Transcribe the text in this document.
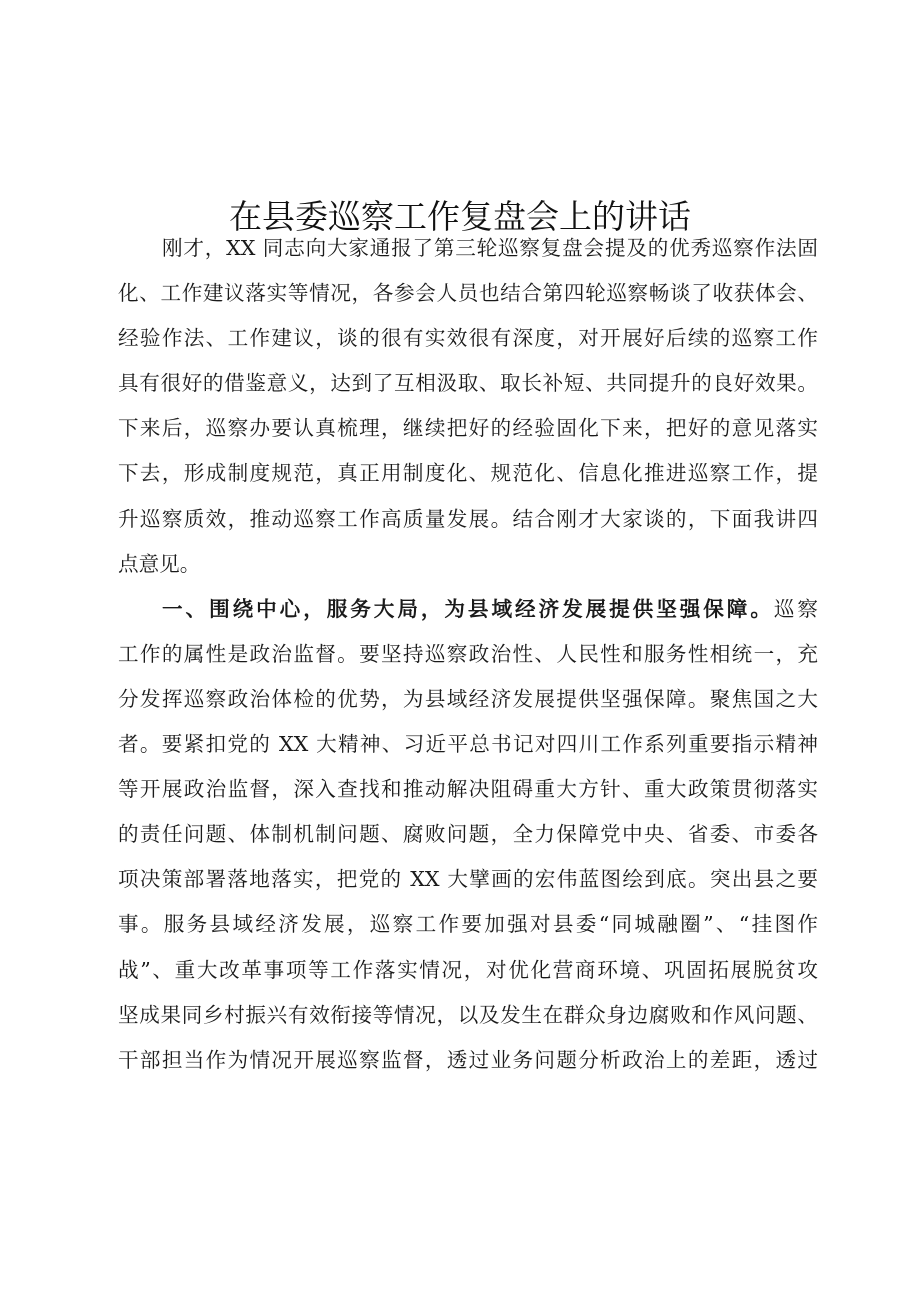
在县委巡察工作复盘会上的讲话
刚才，XX 同志向大家通报了第三轮巡察复盘会提及的优秀巡察作法固
化、工作建议落实等情况，各参会人员也结合第四轮巡察畅谈了收获体会、
经验作法、工作建议，谈的很有实效很有深度，对开展好后续的巡察工作
具有很好的借鉴意义，达到了互相汲取、取长补短、共同提升的良好效果。
下来后，巡察办要认真梳理，继续把好的经验固化下来，把好的意见落实
下去，形成制度规范，真正用制度化、规范化、信息化推进巡察工作，提
升巡察质效，推动巡察工作高质量发展。结合刚才大家谈的，下面我讲四
点意见。
一、围绕中心，服务大局，为县域经济发展提供坚强保障。巡察
工作的属性是政治监督。要坚持巡察政治性、人民性和服务性相统一，充
分发挥巡察政治体检的优势，为县域经济发展提供坚强保障。聚焦国之大
者。要紧扣党的 XX 大精神、习近平总书记对四川工作系列重要指示精神
等开展政治监督，深入查找和推动解决阻碍重大方针、重大政策贯彻落实
的责任问题、体制机制问题、腐败问题，全力保障党中央、省委、市委各
项决策部署落地落实，把党的 XX 大擘画的宏伟蓝图绘到底。突出县之要
事。服务县域经济发展，巡察工作要加强对县委“同城融圈”、“挂图作
战”、重大改革事项等工作落实情况，对优化营商环境、巩固拓展脱贫攻
坚成果同乡村振兴有效衔接等情况，以及发生在群众身边腐败和作风问题、
干部担当作为情况开展巡察监督，透过业务问题分析政治上的差距，透过
